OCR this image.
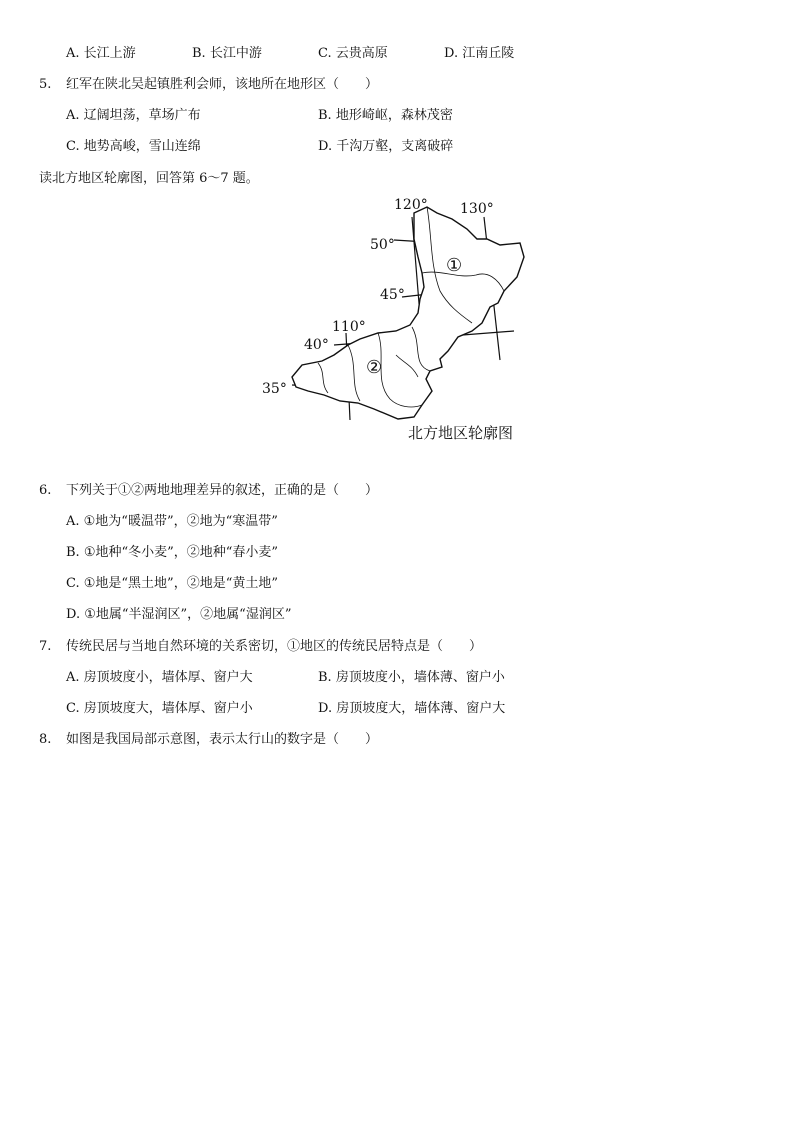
A. 长江上游	B. 长江中游	C. 云贵高原	D. 江南丘陵
5. 红军在陕北吴起镇胜利会师，该地所在地形区（　　）
A. 辽阔坦荡，草场广布	B. 地形崎岖，森林茂密
C. 地势高峻，雪山连绵	D. 千沟万壑，支离破碎
读北方地区轮廓图，回答第 6～7 题。
120° 130°
110°
50°
45°
40°
35°
①
②
北方地区轮廓图
6. 下列关于①②两地地理差异的叙述，正确的是（　　）
A. ①地为“暖温带”，②地为“寒温带”
B. ①地种“冬小麦”，②地种“春小麦”
C. ①地是“黑土地”，②地是“黄土地”
D. ①地属“半湿润区”，②地属“湿润区”
7. 传统民居与当地自然环境的关系密切，①地区的传统民居特点是（　　）
A. 房顶坡度小，墙体厚、窗户大	B. 房顶坡度小，墙体薄、窗户小
C. 房顶坡度大，墙体厚、窗户小	D. 房顶坡度大，墙体薄、窗户大
8. 如图是我国局部示意图，表示太行山的数字是（　　）
